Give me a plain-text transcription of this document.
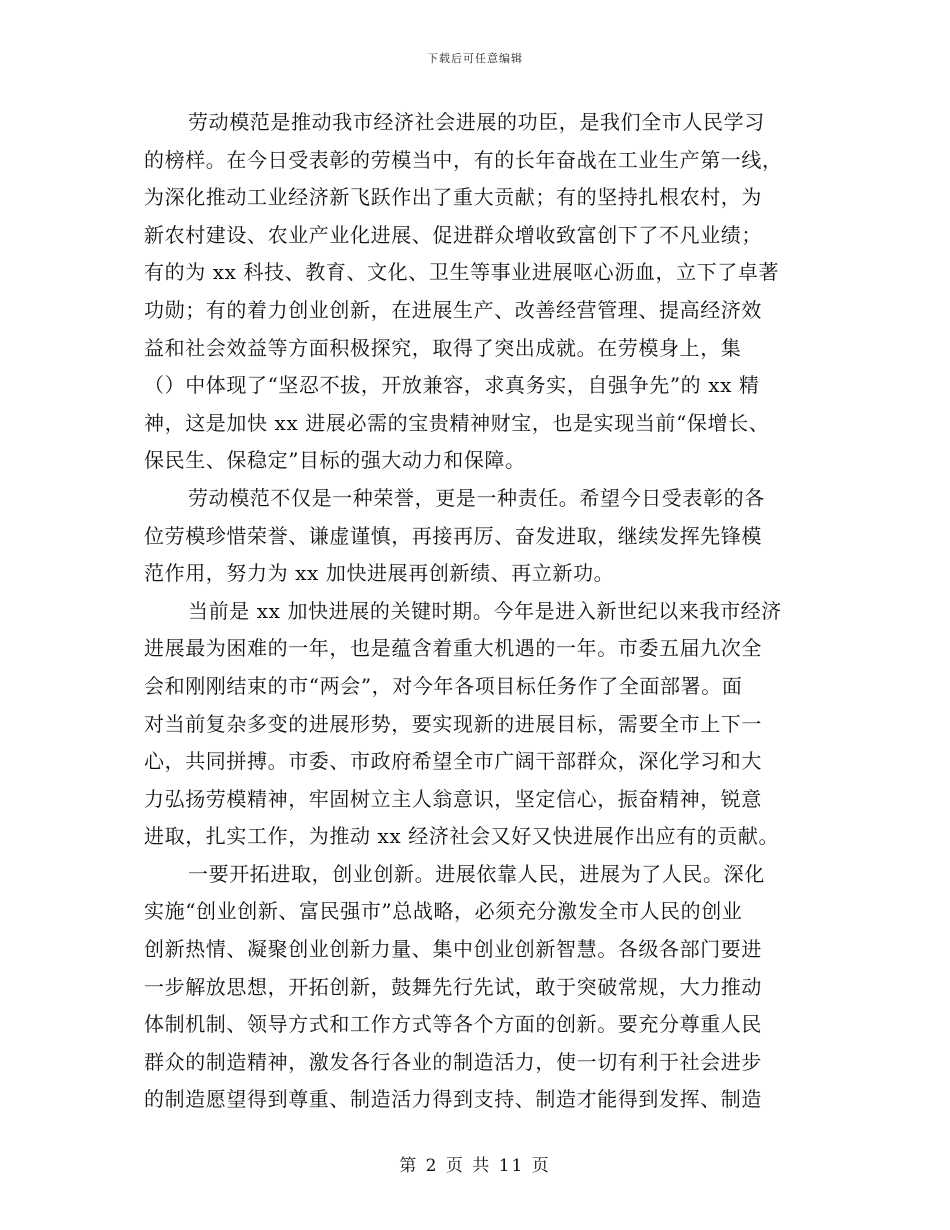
下载后可任意编辑
劳动模范是推动我市经济社会进展的功臣，是我们全市人民学习
的榜样。在今日受表彰的劳模当中，有的长年奋战在工业生产第一线，
为深化推动工业经济新飞跃作出了重大贡献；有的坚持扎根农村，为
新农村建设、农业产业化进展、促进群众增收致富创下了不凡业绩；
有的为 xx 科技、教育、文化、卫生等事业进展呕心沥血，立下了卓著
功勋；有的着力创业创新，在进展生产、改善经营管理、提高经济效
益和社会效益等方面积极探究，取得了突出成就。在劳模身上，集
（）中体现了“坚忍不拔，开放兼容，求真务实，自强争先”的 xx 精
神，这是加快 xx 进展必需的宝贵精神财宝，也是实现当前“保增长、
保民生、保稳定”目标的强大动力和保障。
劳动模范不仅是一种荣誉，更是一种责任。希望今日受表彰的各
位劳模珍惜荣誉、谦虚谨慎，再接再厉、奋发进取，继续发挥先锋模
范作用，努力为 xx 加快进展再创新绩、再立新功。
当前是 xx 加快进展的关键时期。今年是进入新世纪以来我市经济
进展最为困难的一年，也是蕴含着重大机遇的一年。市委五届九次全
会和刚刚结束的市“两会”，对今年各项目标任务作了全面部署。面
对当前复杂多变的进展形势，要实现新的进展目标，需要全市上下一
心，共同拼搏。市委、市政府希望全市广阔干部群众，深化学习和大
力弘扬劳模精神，牢固树立主人翁意识，坚定信心，振奋精神，锐意
进取，扎实工作，为推动 xx 经济社会又好又快进展作出应有的贡献。
一要开拓进取，创业创新。进展依靠人民，进展为了人民。深化
实施“创业创新、富民强市”总战略，必须充分激发全市人民的创业
创新热情、凝聚创业创新力量、集中创业创新智慧。各级各部门要进
一步解放思想，开拓创新，鼓舞先行先试，敢于突破常规，大力推动
体制机制、领导方式和工作方式等各个方面的创新。要充分尊重人民
群众的制造精神，激发各行各业的制造活力，使一切有利于社会进步
的制造愿望得到尊重、制造活力得到支持、制造才能得到发挥、制造
第 2 页 共 11 页
